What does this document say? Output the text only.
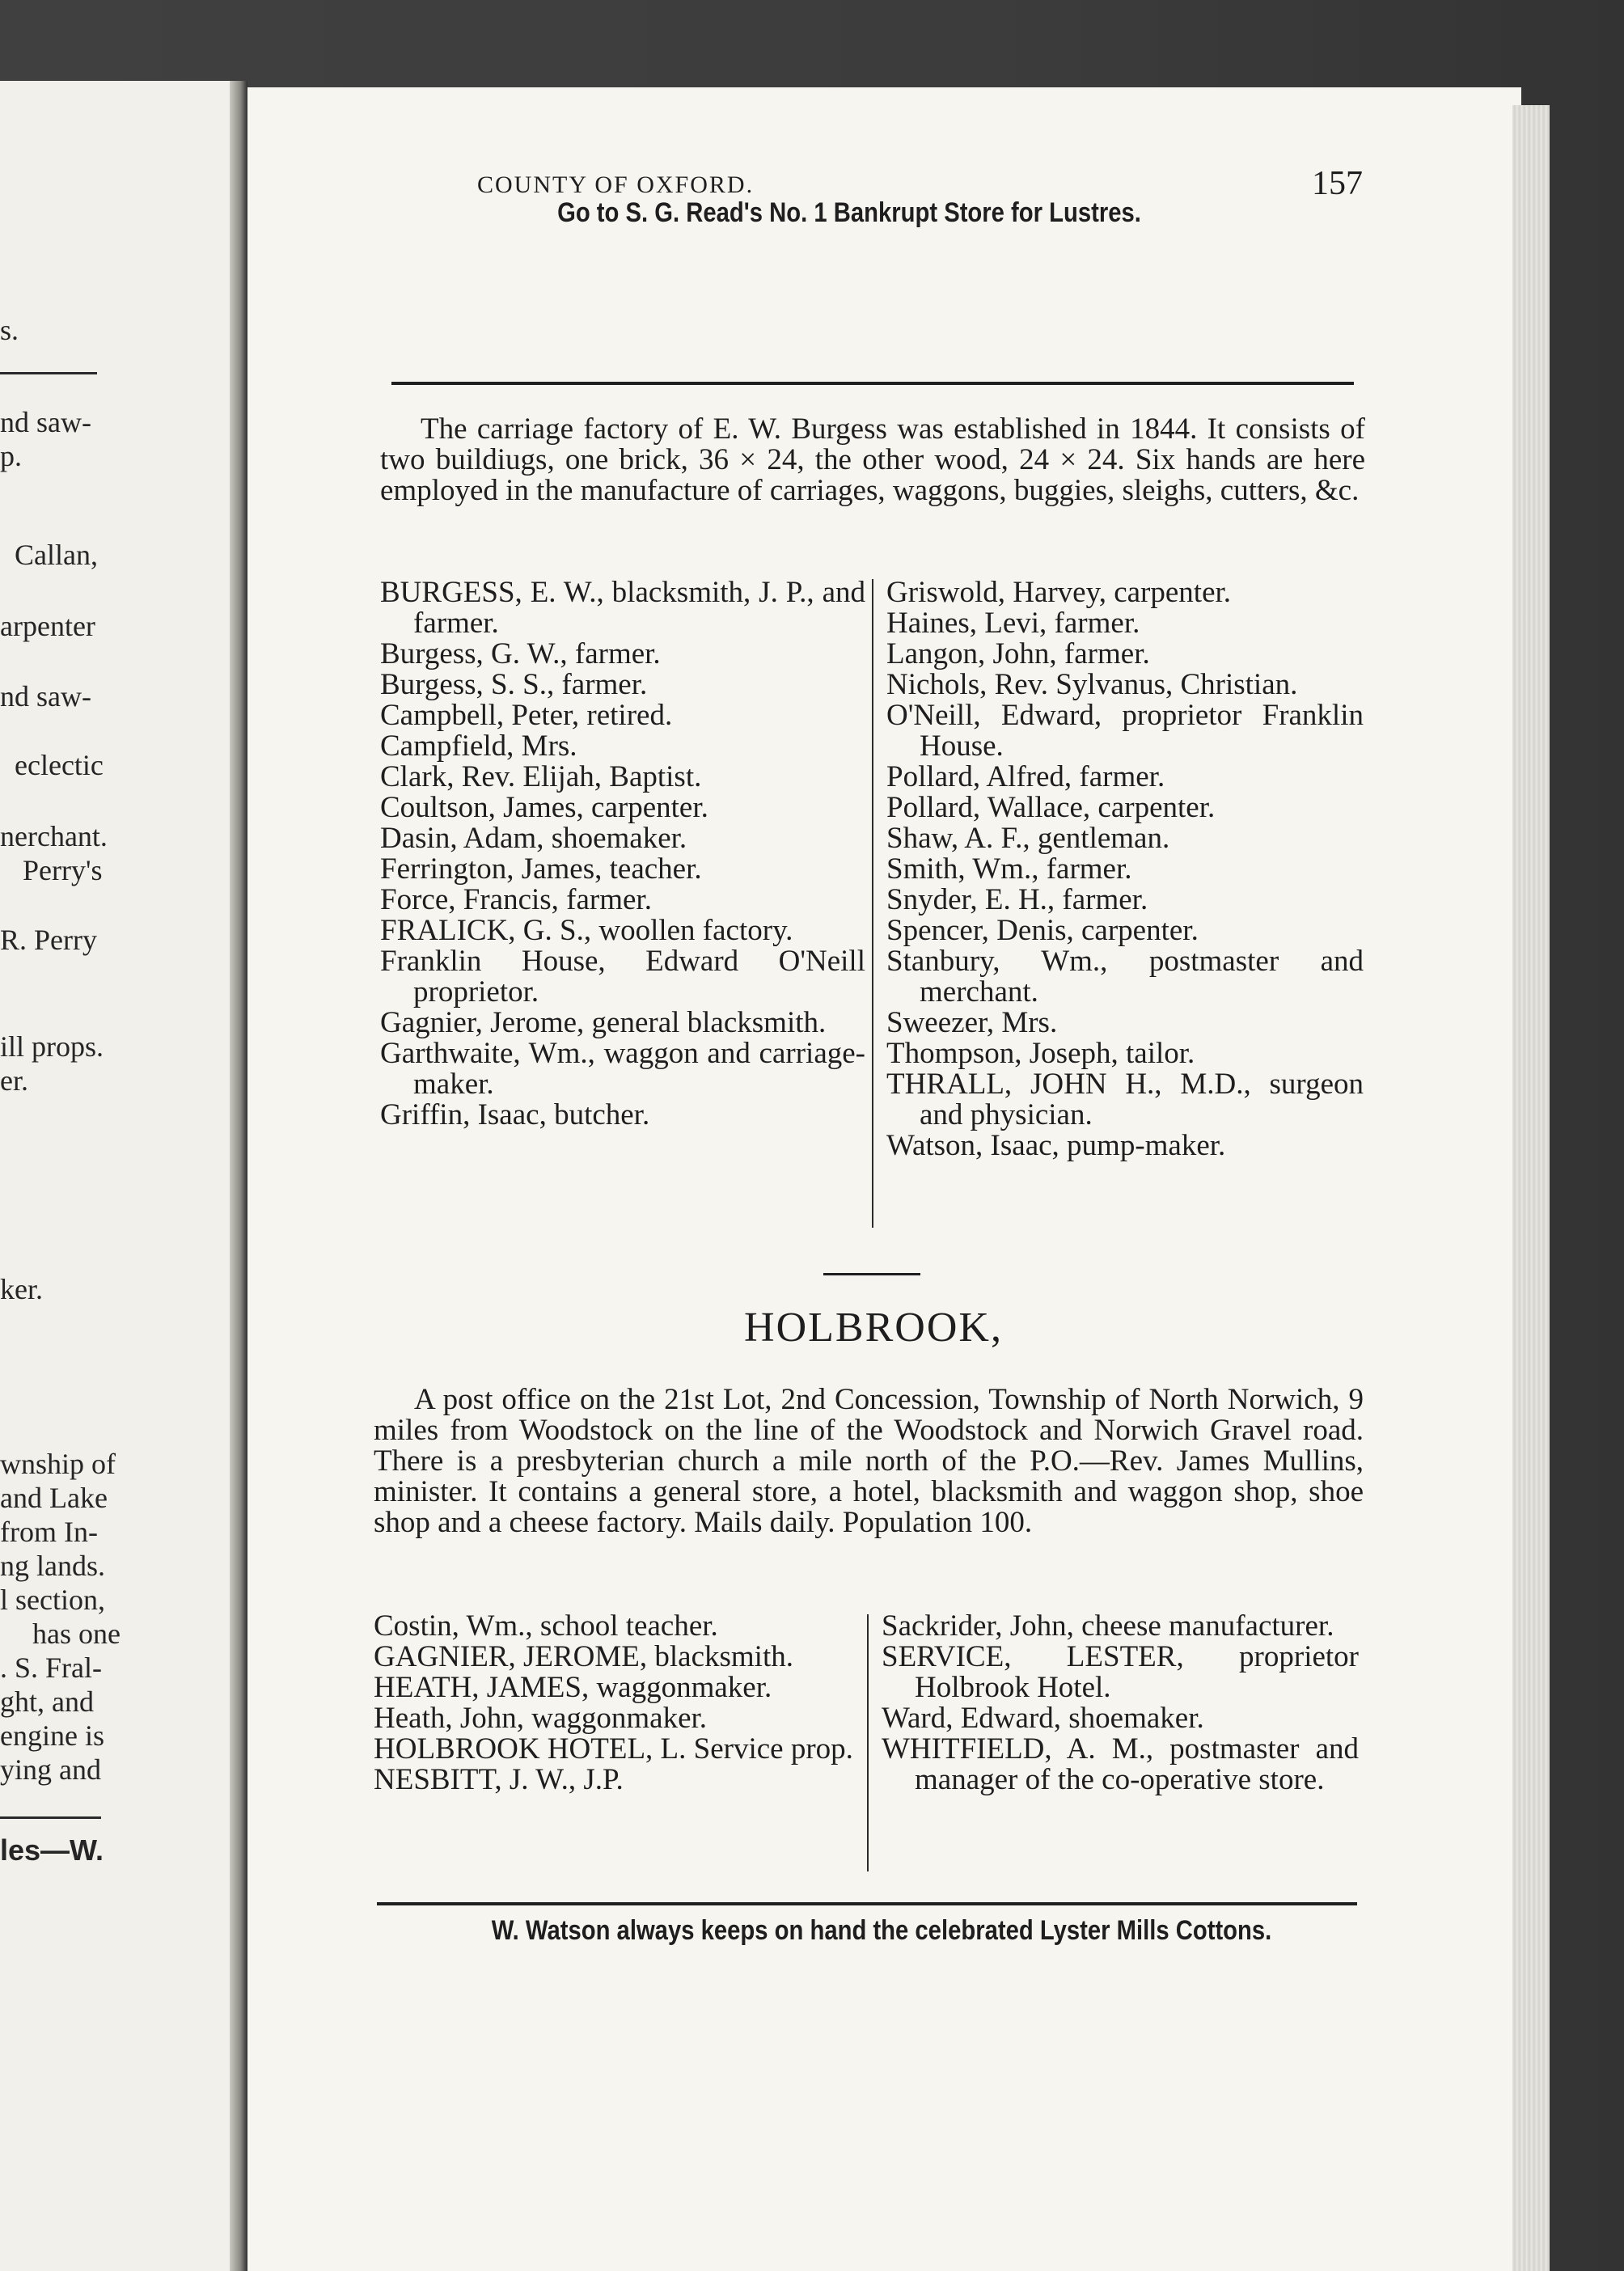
s.
nd saw-
p.
Callan,
arpenter
nd saw-
eclectic
nerchant.
Perry's
R. Perry
ill props.
er.
ker.
wnship of
and Lake
from In-
ng lands.
l section,
has one
. S. Fral-
ght, and
engine is
ying and
les—W.
COUNTY OF OXFORD.	157
Go to S. G. Read's No. 1 Bankrupt Store for Lustres.
The carriage factory of E. W. Burgess was established in 1844. It consists of two buildiugs, one brick, 36 × 24, the other wood, 24 × 24. Six hands are here employed in the manufacture of carriages, waggons, buggies, sleighs, cutters, &c.
BURGESS, E. W., blacksmith, J. P., and farmer.
Burgess, G. W., farmer.
Burgess, S. S., farmer.
Campbell, Peter, retired.
Campfield, Mrs.
Clark, Rev. Elijah, Baptist.
Coultson, James, carpenter.
Dasin, Adam, shoemaker.
Ferrington, James, teacher.
Force, Francis, farmer.
FRALICK, G. S., woollen factory.
Franklin House, Edward O'Neill proprietor.
Gagnier, Jerome, general blacksmith.
Garthwaite, Wm., waggon and carriage-maker.
Griffin, Isaac, butcher.
Griswold, Harvey, carpenter.
Haines, Levi, farmer.
Langon, John, farmer.
Nichols, Rev. Sylvanus, Christian.
O'Neill, Edward, proprietor Franklin House.
Pollard, Alfred, farmer.
Pollard, Wallace, carpenter.
Shaw, A. F., gentleman.
Smith, Wm., farmer.
Snyder, E. H., farmer.
Spencer, Denis, carpenter.
Stanbury, Wm., postmaster and merchant.
Sweezer, Mrs.
Thompson, Joseph, tailor.
THRALL, JOHN H., M.D., surgeon and physician.
Watson, Isaac, pump-maker.
HOLBROOK,
A post office on the 21st Lot, 2nd Concession, Township of North Norwich, 9 miles from Woodstock on the line of the Woodstock and Norwich Gravel road. There is a presbyterian church a mile north of the P.O.—Rev. James Mullins, minister. It contains a general store, a hotel, blacksmith and waggon shop, shoe shop and a cheese factory. Mails daily. Population 100.
Costin, Wm., school teacher.
GAGNIER, JEROME, blacksmith.
HEATH, JAMES, waggonmaker.
Heath, John, waggonmaker.
HOLBROOK HOTEL, L. Service prop.
NESBITT, J. W., J.P.
Sackrider, John, cheese manufacturer.
SERVICE, LESTER, proprietor Holbrook Hotel.
Ward, Edward, shoemaker.
WHITFIELD, A. M., postmaster and manager of the co-operative store.
W. Watson always keeps on hand the celebrated Lyster Mills Cottons.
